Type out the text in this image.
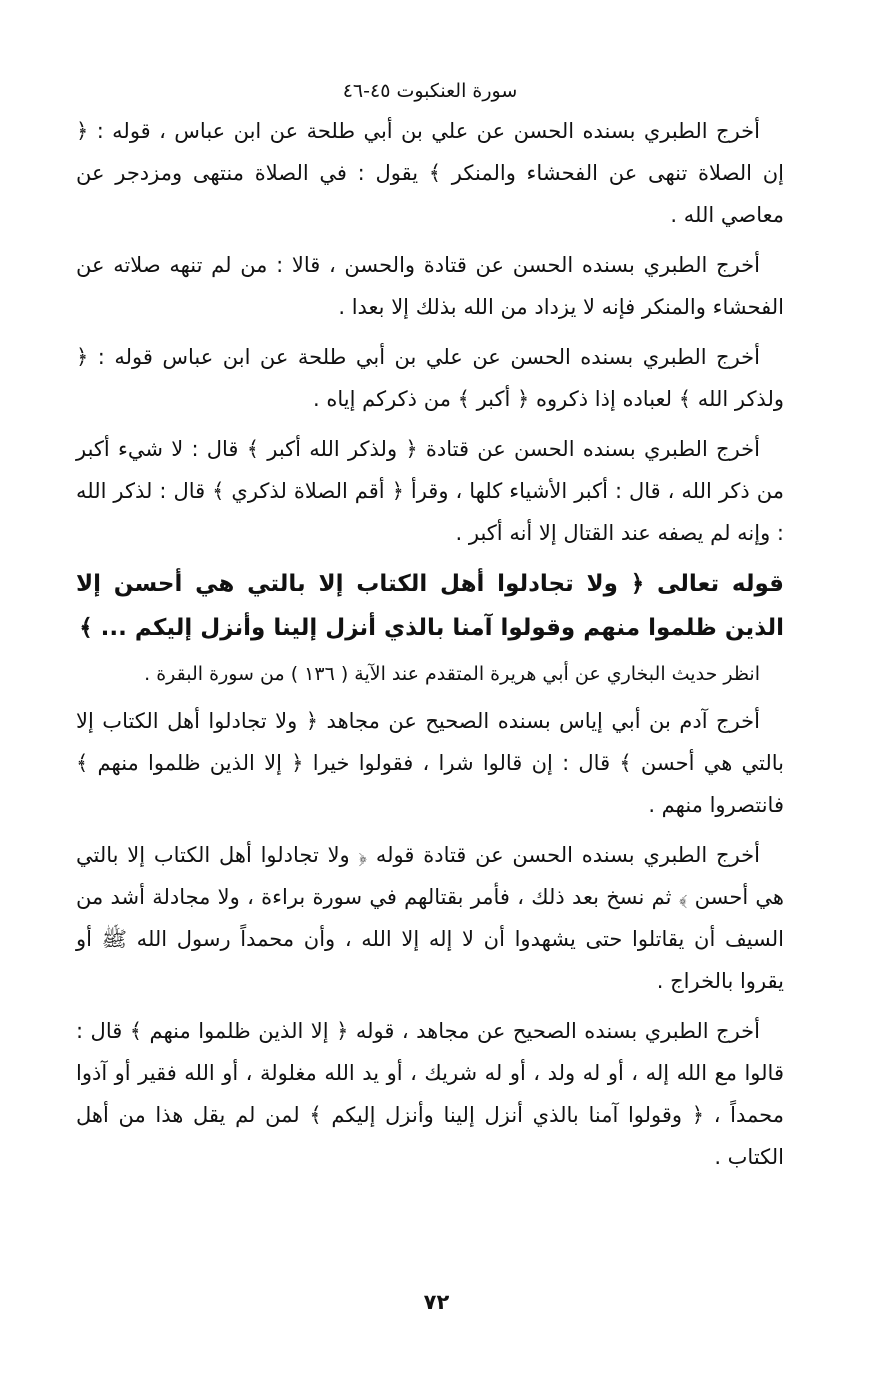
سورة العنكبوت ٤٥-٤٦

أخرج الطبري بسنده الحسن عن علي بن أبي طلحة عن ابن عباس ، قوله : ﴿ إن الصلاة تنهى عن الفحشاء والمنكر ﴾ يقول : في الصلاة منتهى ومزدجر عن معاصي الله .

أخرج الطبري بسنده الحسن عن قتادة والحسن ، قالا : من لم تنهه صلاته عن الفحشاء والمنكر فإنه لا يزداد من الله بذلك إلا بعدا .

أخرج الطبري بسنده الحسن عن علي بن أبي طلحة عن ابن عباس قوله : ﴿ ولذكر الله ﴾ لعباده إذا ذكروه ﴿ أكبر ﴾ من ذكركم إياه .

أخرج الطبري بسنده الحسن عن قتادة ﴿ ولذكر الله أكبر ﴾ قال : لا شيء أكبر من ذكر الله ، قال : أكبر الأشياء كلها ، وقرأ ﴿ أقم الصلاة لذكري ﴾ قال : لذكر الله : وإنه لم يصفه عند القتال إلا أنه أكبر .

قوله تعالى ﴿ ولا تجادلوا أهل الكتاب إلا بالتي هي أحسن إلا الذين ظلموا منهم وقولوا آمنا بالذي أنزل إلينا وأنزل إليكم ... ﴾

انظر حديث البخاري عن أبي هريرة المتقدم عند الآية ( ١٣٦ ) من سورة البقرة .

أخرج آدم بن أبي إياس بسنده الصحيح عن مجاهد ﴿ ولا تجادلوا أهل الكتاب إلا بالتي هي أحسن ﴾ قال : إن قالوا شرا ، فقولوا خيرا ﴿ إلا الذين ظلموا منهم ﴾ فانتصروا منهم .

أخرج الطبري بسنده الحسن عن قتادة قوله ﴿ ولا تجادلوا أهل الكتاب إلا بالتي هي أحسن ﴾ ثم نسخ بعد ذلك ، فأمر بقتالهم في سورة براءة ، ولا مجادلة أشد من السيف أن يقاتلوا حتى يشهدوا أن لا إله إلا الله ، وأن محمداً رسول الله ﷺ أو يقروا بالخراج .

أخرج الطبري بسنده الصحيح عن مجاهد ، قوله ﴿ إلا الذين ظلموا منهم ﴾ قال : قالوا مع الله إله ، أو له ولد ، أو له شريك ، أو يد الله مغلولة ، أو الله فقير أو آذوا محمداً ، ﴿ وقولوا آمنا بالذي أنزل إلينا وأنزل إليكم ﴾ لمن لم يقل هذا من أهل الكتاب .

٧٢
